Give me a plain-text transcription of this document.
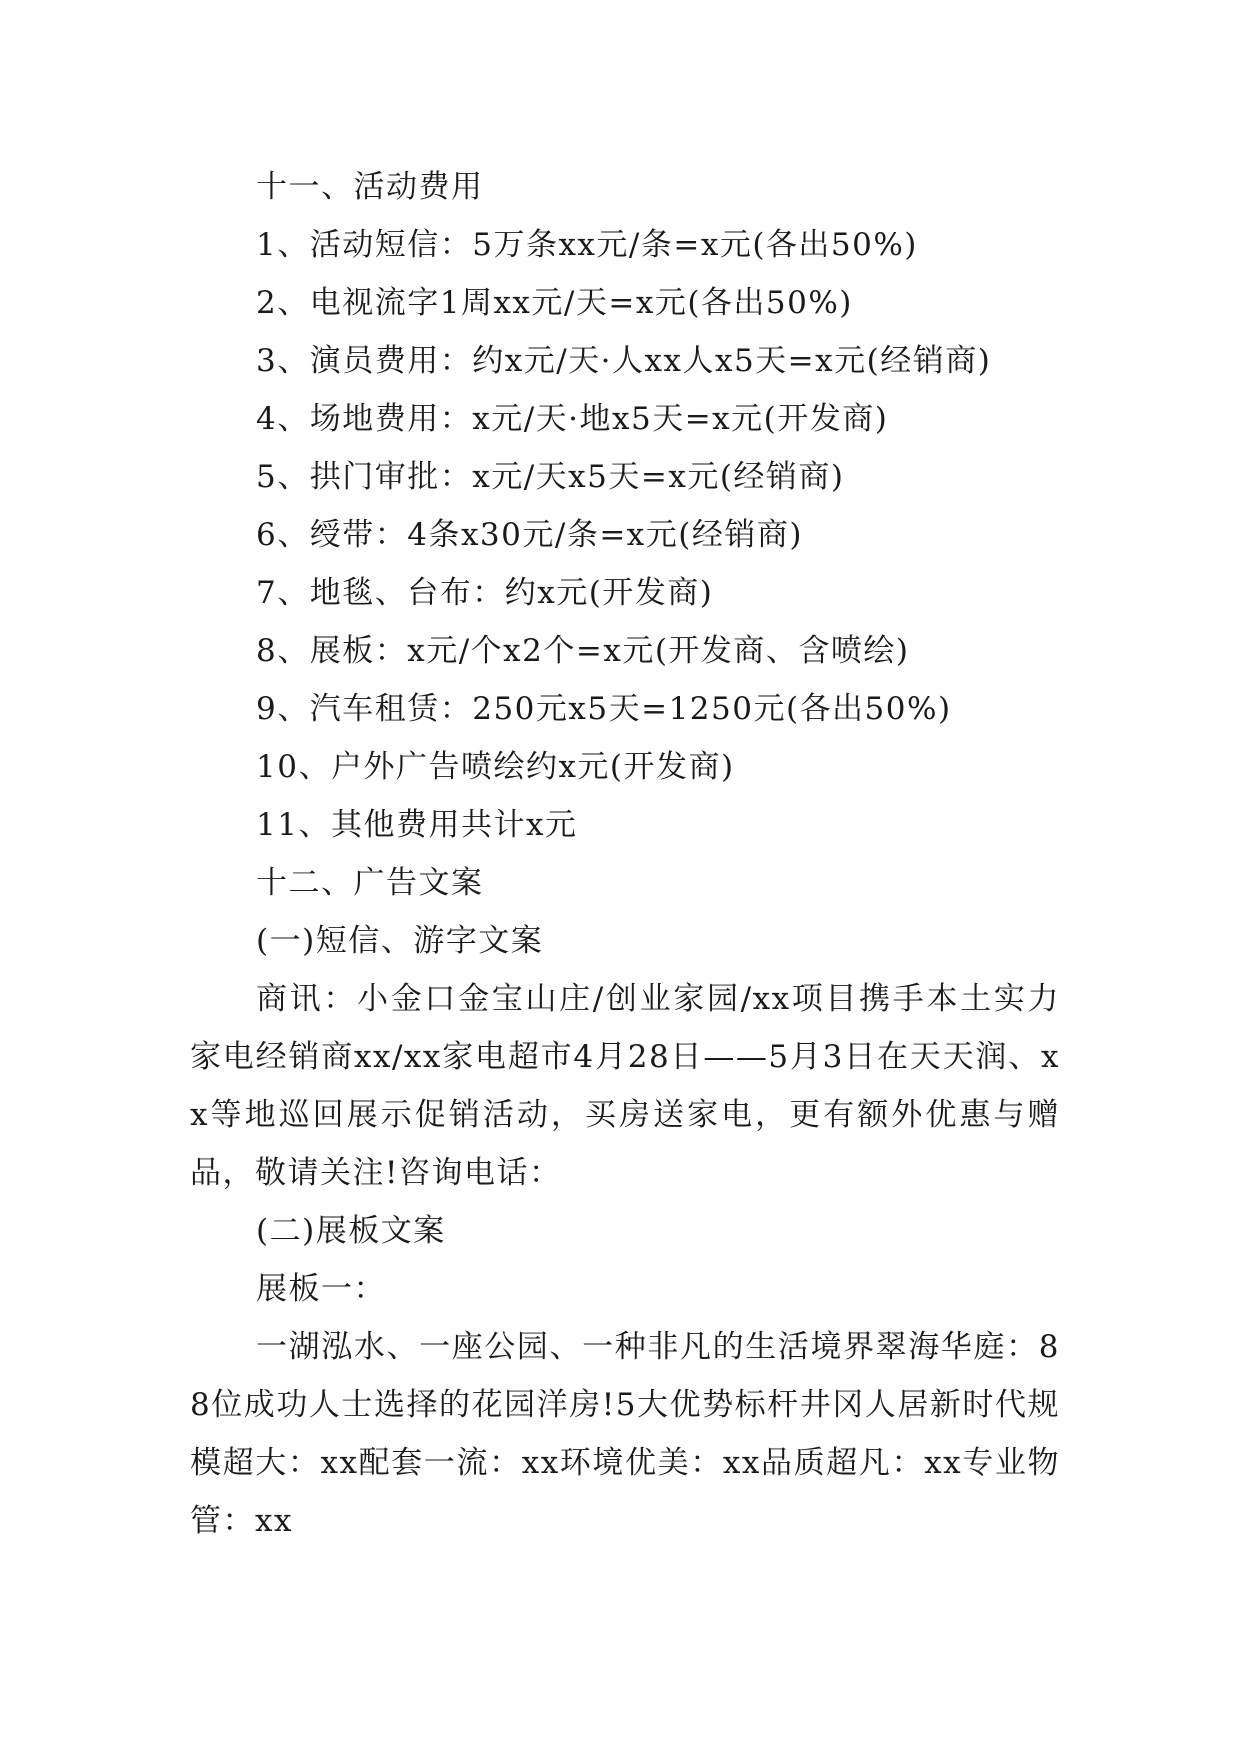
十一、活动费用
1、活动短信：5万条xx元/条=x元(各出50%)
2、电视流字1周xx元/天=x元(各出50%)
3、演员费用：约x元/天·人xx人x5天=x元(经销商)
4、场地费用：x元/天·地x5天=x元(开发商)
5、拱门审批：x元/天x5天=x元(经销商)
6、绶带：4条x30元/条=x元(经销商)
7、地毯、台布：约x元(开发商)
8、展板：x元/个x2个=x元(开发商、含喷绘)
9、汽车租赁：250元x5天=1250元(各出50%)
10、户外广告喷绘约x元(开发商)
11、其他费用共计x元
十二、广告文案
(一)短信、游字文案
商讯：小金口金宝山庄/创业家园/xx项目携手本土实力家电经销商xx/xx家电超市4月28日——5月3日在天天润、xx等地巡回展示促销活动，买房送家电，更有额外优惠与赠品，敬请关注!咨询电话：
(二)展板文案
展板一：
一湖泓水、一座公园、一种非凡的生活境界翠海华庭：88位成功人士选择的花园洋房!5大优势标杆井冈人居新时代规模超大：xx配套一流：xx环境优美：xx品质超凡：xx专业物管：xx
